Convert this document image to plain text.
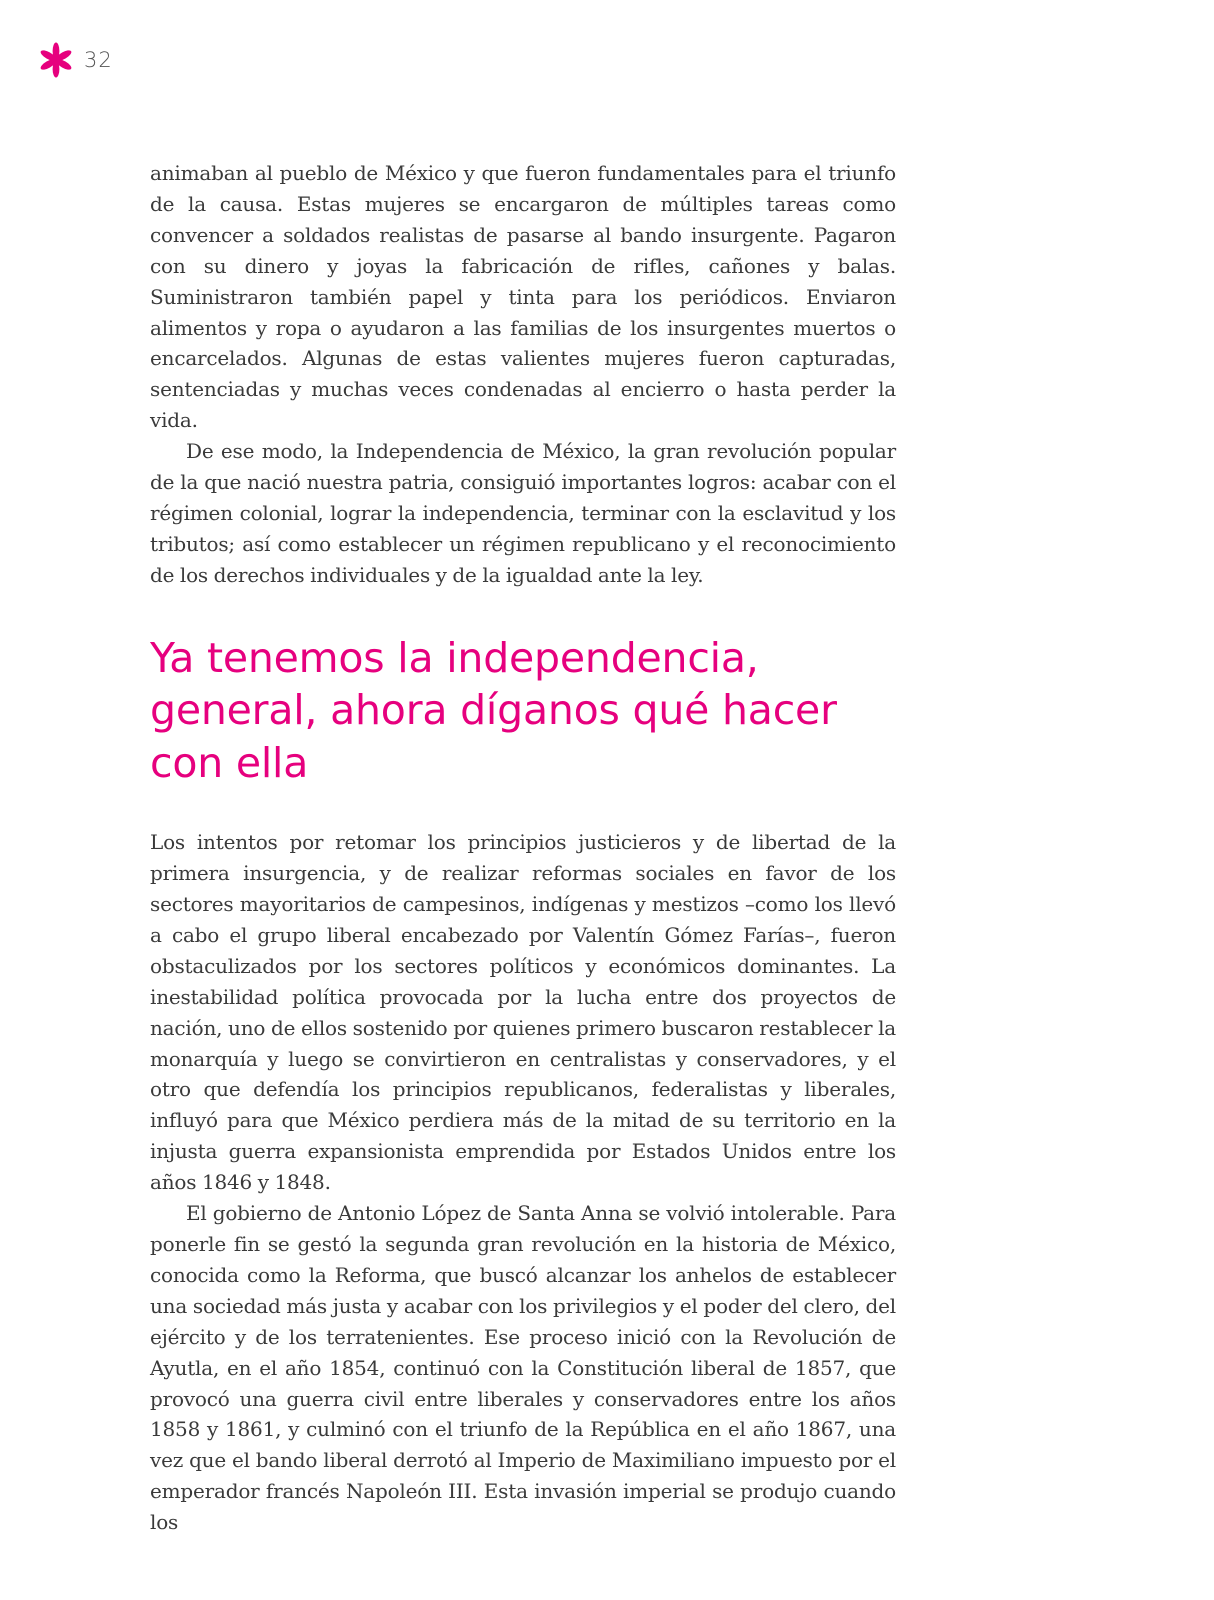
32

animaban al pueblo de México y que fueron fundamentales para el triunfo de la causa. Estas mujeres se encargaron de múltiples tareas como convencer a soldados realistas de pasarse al bando insurgente. Pagaron con su dinero y joyas la fabricación de rifles, cañones y balas. Suministraron también papel y tinta para los periódicos. Enviaron alimentos y ropa o ayudaron a las familias de los insurgentes muertos o encarcelados. Algunas de estas valientes mujeres fueron capturadas, sentenciadas y muchas veces condenadas al encierro o hasta perder la vida.

De ese modo, la Independencia de México, la gran revolución popular de la que nació nuestra patria, consiguió importantes logros: acabar con el régimen colonial, lograr la independencia, terminar con la esclavitud y los tributos; así como establecer un régimen republicano y el reconocimiento de los derechos individuales y de la igualdad ante la ley.

Ya tenemos la independencia, general, ahora díganos qué hacer con ella

Los intentos por retomar los principios justicieros y de libertad de la primera insurgencia, y de realizar reformas sociales en favor de los sectores mayoritarios de campesinos, indígenas y mestizos –como los llevó a cabo el grupo liberal encabezado por Valentín Gómez Farías–, fueron obstaculizados por los sectores políticos y económicos dominantes. La inestabilidad política provocada por la lucha entre dos proyectos de nación, uno de ellos sostenido por quienes primero buscaron restablecer la monarquía y luego se convirtieron en centralistas y conservadores, y el otro que defendía los principios republicanos, federalistas y liberales, influyó para que México perdiera más de la mitad de su territorio en la injusta guerra expansionista emprendida por Estados Unidos entre los años 1846 y 1848.

El gobierno de Antonio López de Santa Anna se volvió intolerable. Para ponerle fin se gestó la segunda gran revolución en la historia de México, conocida como la Reforma, que buscó alcanzar los anhelos de establecer una sociedad más justa y acabar con los privilegios y el poder del clero, del ejército y de los terratenientes. Ese proceso inició con la Revolución de Ayutla, en el año 1854, continuó con la Constitución liberal de 1857, que provocó una guerra civil entre liberales y conservadores entre los años 1858 y 1861, y culminó con el triunfo de la República en el año 1867, una vez que el bando liberal derrotó al Imperio de Maximiliano impuesto por el emperador francés Napoleón III. Esta invasión imperial se produjo cuando los
